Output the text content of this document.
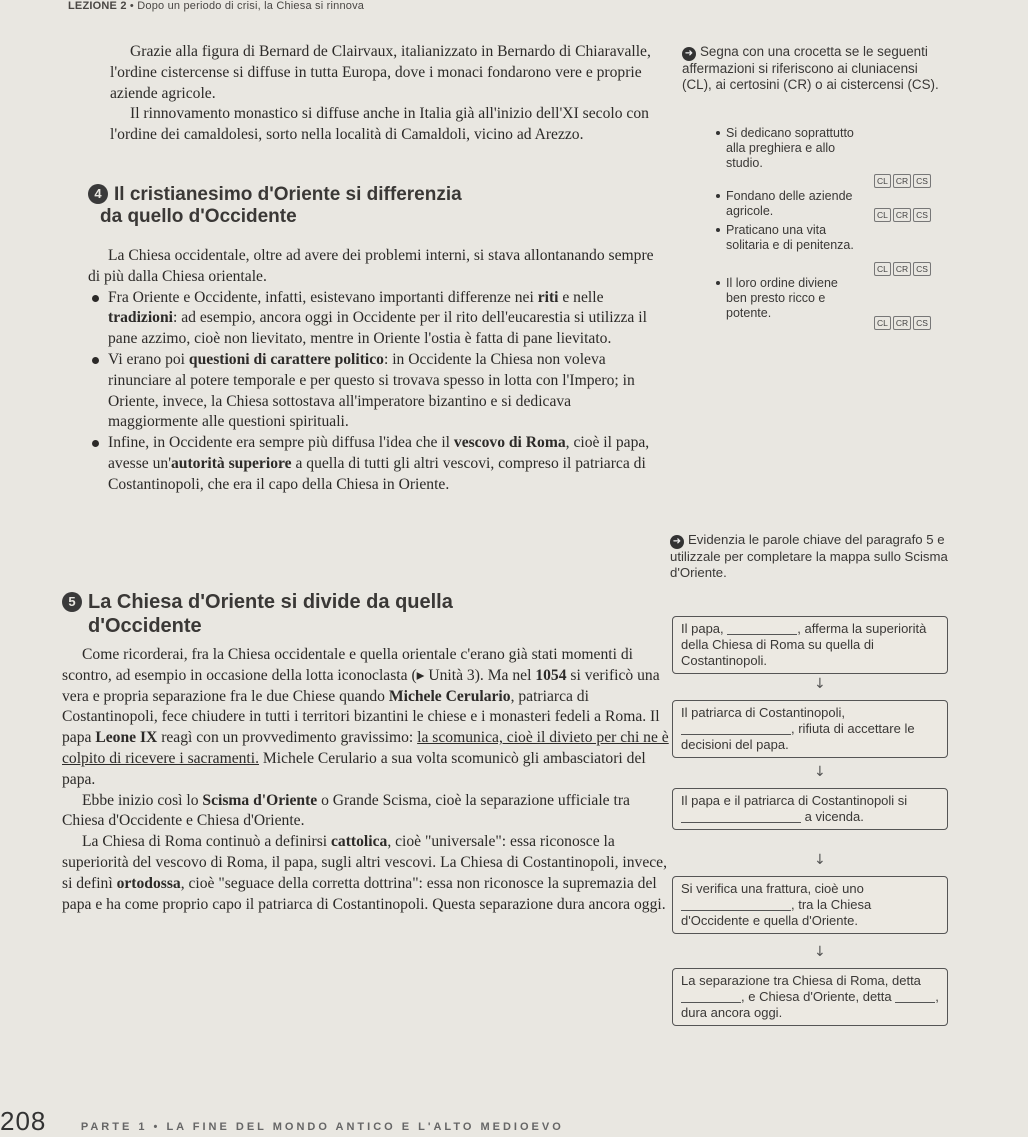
LEZIONE 2 • Dopo un periodo di crisi, la Chiesa si rinnova

Grazie alla figura di Bernard de Clairvaux, italianizzato in Bernardo di Chiaravalle, l'ordine cistercense si diffuse in tutta Europa, dove i monaci fondarono vere e proprie aziende agricole.

Il rinnovamento monastico si diffuse anche in Italia già all'inizio dell'XI secolo con l'ordine dei camaldolesi, sorto nella località di Camaldoli, vicino ad Arezzo.

4 Il cristianesimo d'Oriente si differenzia
da quello d'Occidente

La Chiesa occidentale, oltre ad avere dei problemi interni, si stava allontanando sempre di più dalla Chiesa orientale.

Fra Oriente e Occidente, infatti, esistevano importanti differenze nei riti e nelle tradizioni: ad esempio, ancora oggi in Occidente per il rito dell'eucarestia si utilizza il pane azzimo, cioè non lievitato, mentre in Oriente l'ostia è fatta di pane lievitato.

Vi erano poi questioni di carattere politico: in Occidente la Chiesa non voleva rinunciare al potere temporale e per questo si trovava spesso in lotta con l'Impero; in Oriente, invece, la Chiesa sottostava all'imperatore bizantino e si dedicava maggiormente alle questioni spirituali.

Infine, in Occidente era sempre più diffusa l'idea che il vescovo di Roma, cioè il papa, avesse un'autorità superiore a quella di tutti gli altri vescovi, compreso il patriarca di Costantinopoli, che era il capo della Chiesa in Oriente.

5 La Chiesa d'Oriente si divide da quella
d'Occidente

Come ricorderai, fra la Chiesa occidentale e quella orientale c'erano già stati momenti di scontro, ad esempio in occasione della lotta iconoclasta (▸ Unità 3). Ma nel 1054 si verificò una vera e propria separazione fra le due Chiese quando Michele Cerulario, patriarca di Costantinopoli, fece chiudere in tutti i territori bizantini le chiese e i monasteri fedeli a Roma. Il papa Leone IX reagì con un provvedimento gravissimo: la scomunica, cioè il divieto per chi ne è colpito di ricevere i sacramenti. Michele Cerulario a sua volta scomunicò gli ambasciatori del papa.

Ebbe inizio così lo Scisma d'Oriente o Grande Scisma, cioè la separazione ufficiale tra Chiesa d'Occidente e Chiesa d'Oriente.

La Chiesa di Roma continuò a definirsi cattolica, cioè "universale": essa riconosce la superiorità del vescovo di Roma, il papa, sugli altri vescovi. La Chiesa di Costantinopoli, invece, si definì ortodossa, cioè "seguace della corretta dottrina": essa non riconosce la supremazia del papa e ha come proprio capo il patriarca di Costantinopoli. Questa separazione dura ancora oggi.

➜ Segna con una crocetta se le seguenti affermazioni si riferiscono ai cluniacensi (CL), ai certosini (CR) o ai cistercensi (CS).
Si dedicano soprattutto alla preghiera e allo studio.
CL CR CS
Fondano delle aziende agricole.	CL CR CS
Praticano una vita solitaria e di penitenza.
CL CR CS
Il loro ordine diviene ben presto ricco e potente.
CL CR CS
➜ Evidenzia le parole chiave del paragrafo 5 e utilizzale per completare la mappa sullo Scisma d'Oriente.
Il papa,	, afferma la superiorità della Chiesa di Roma su quella di Costantinopoli.
↓
Il patriarca di Costantinopoli, , rifiuta di accettare le decisioni del papa.
↓
Il papa e il patriarca di Costantinopoli si  a vicenda.
↓
Si verifica una frattura, cioè uno , tra la Chiesa d'Occidente e quella d'Oriente.
↓
La separazione tra Chiesa di Roma, detta , e Chiesa d'Oriente, detta	, dura ancora oggi.
208	PARTE 1 • LA FINE DEL MONDO ANTICO E L'ALTO MEDIOEVO
